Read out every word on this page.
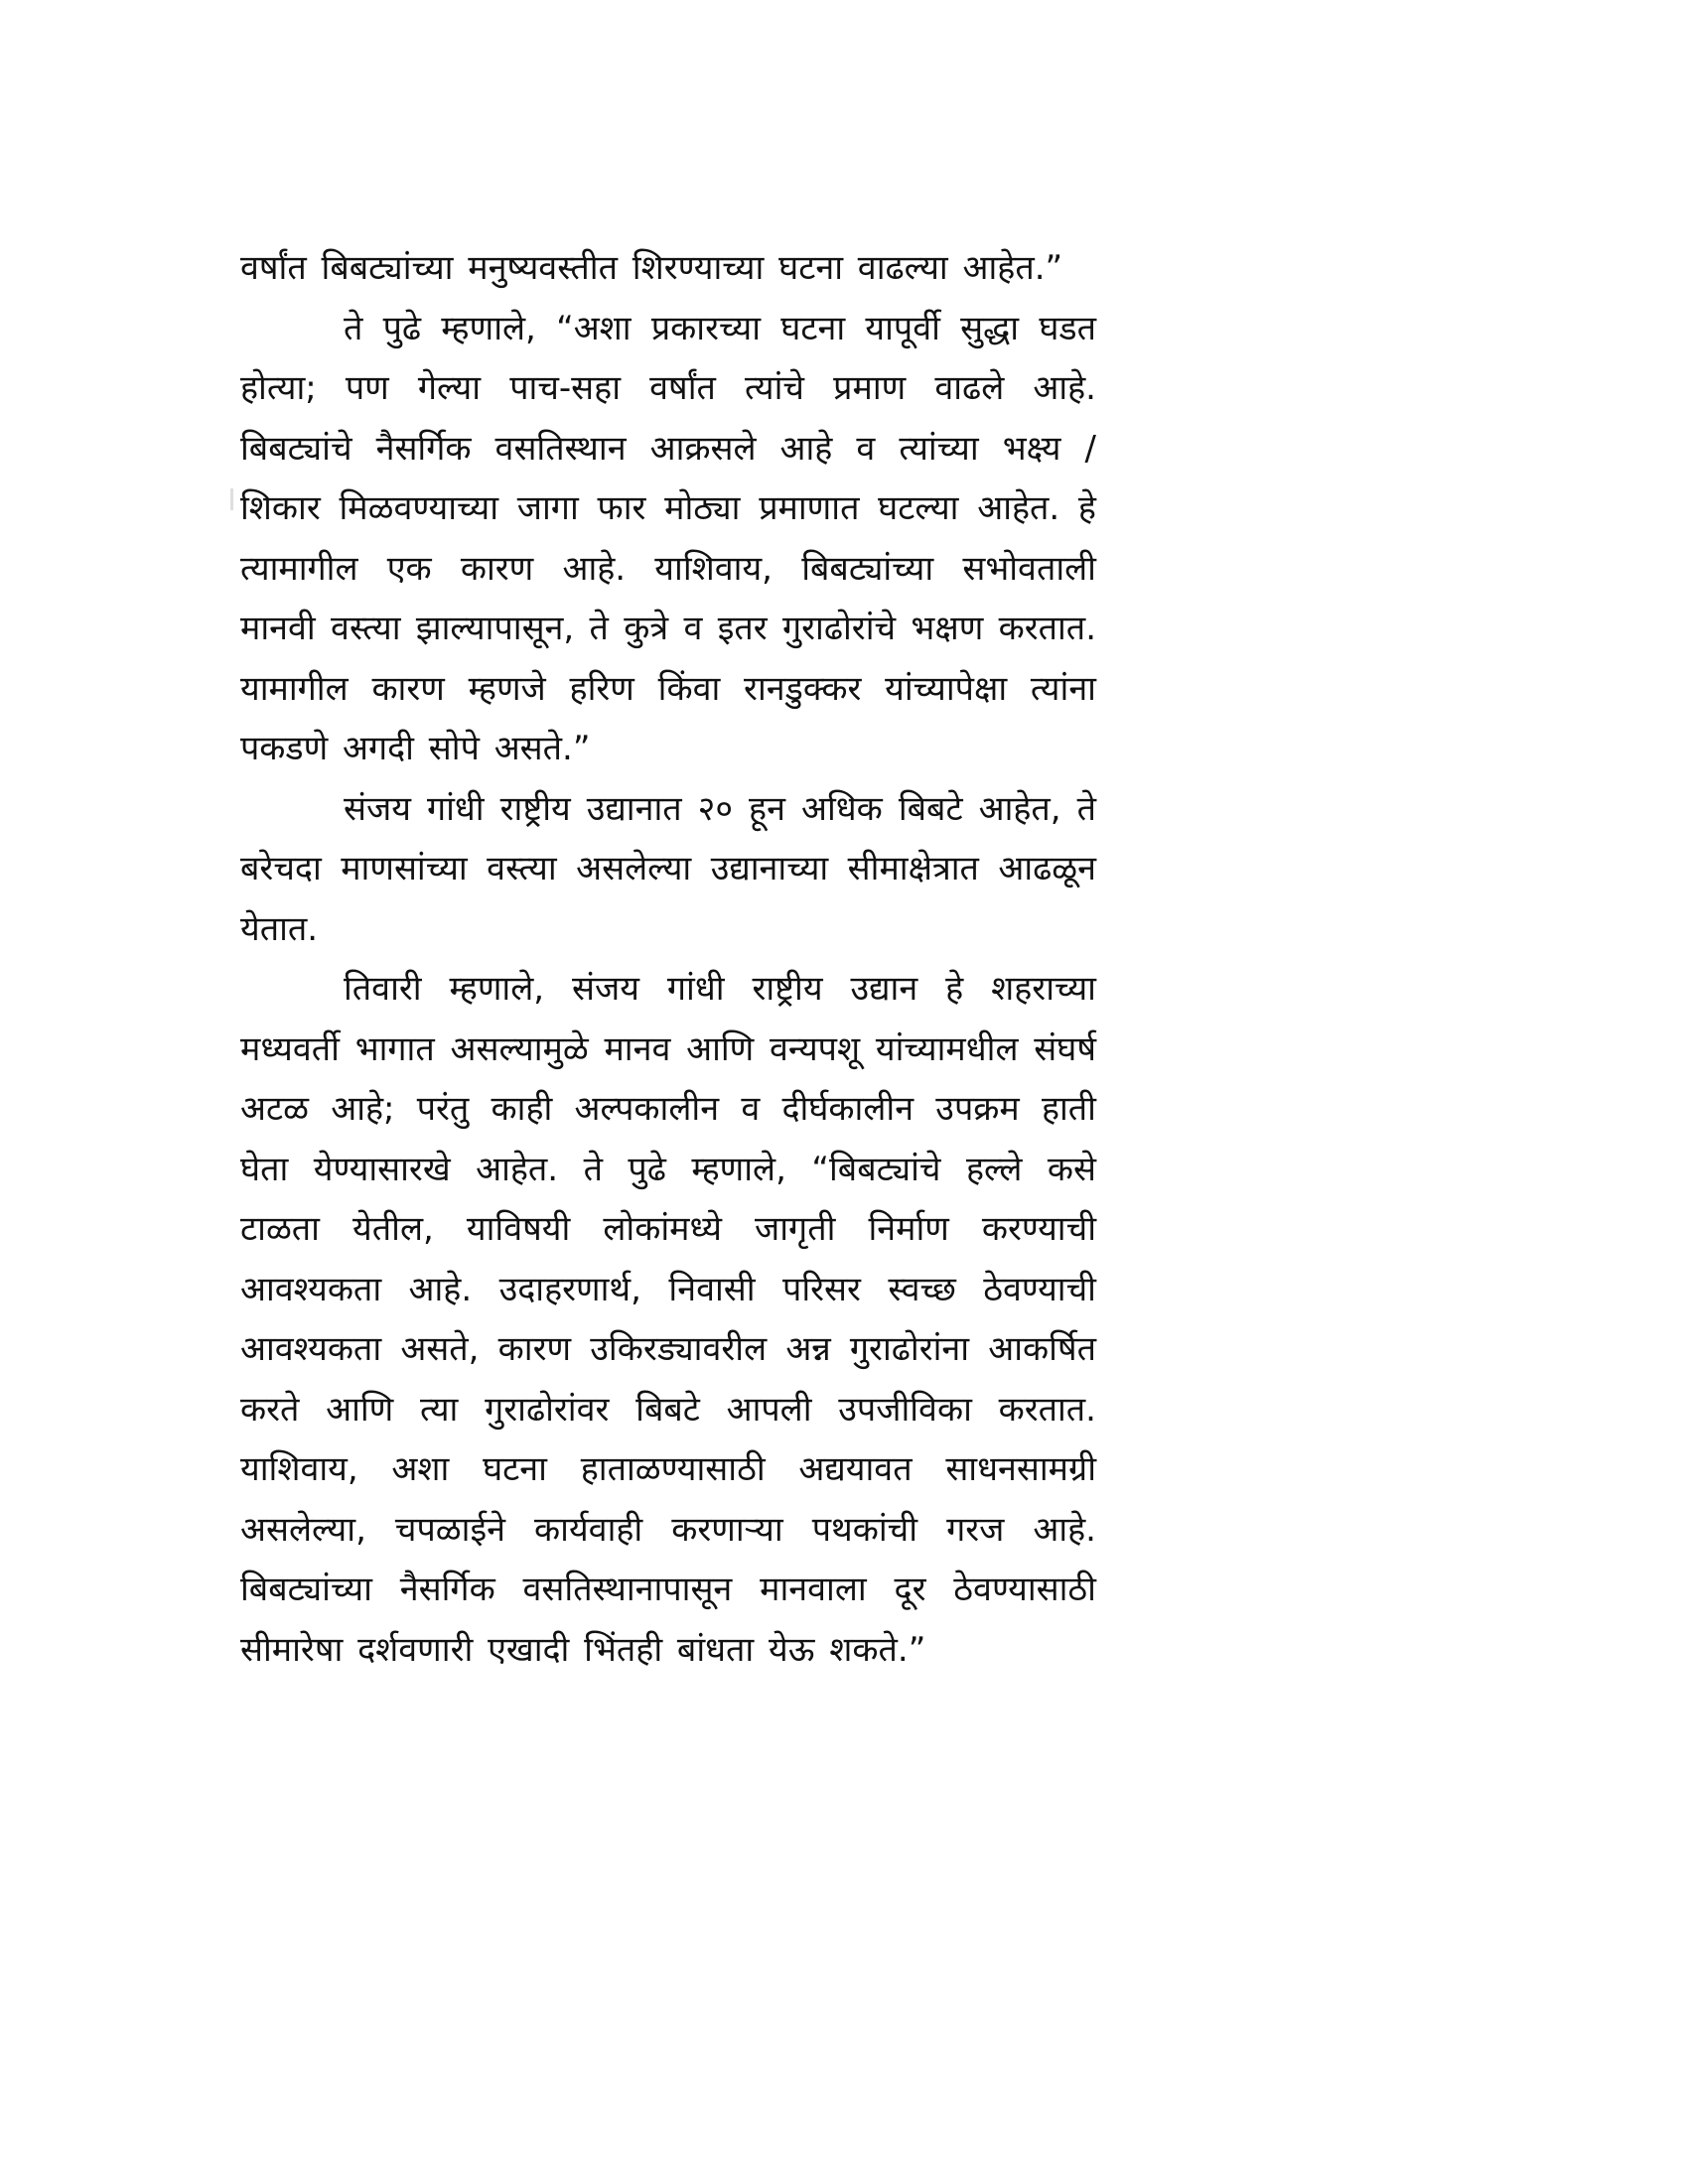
वर्षांत बिबट्यांच्या मनुष्यवस्तीत शिरण्याच्या घटना वाढल्या आहेत.”

ते पुढे म्हणाले, “अशा प्रकारच्या घटना यापूर्वी सुद्धा घडत होत्या; पण गेल्या पाच-सहा वर्षांत त्यांचे प्रमाण वाढले आहे. बिबट्यांचे नैसर्गिक वसतिस्थान आक्रसले आहे व त्यांच्या भक्ष्य / शिकार मिळवण्याच्या जागा फार मोठ्या प्रमाणात घटल्या आहेत. हे त्यामागील एक कारण आहे. याशिवाय, बिबट्यांच्या सभोवताली मानवी वस्त्या झाल्यापासून, ते कुत्रे व इतर गुराढोरांचे भक्षण करतात. यामागील कारण म्हणजे हरिण किंवा रानडुक्कर यांच्यापेक्षा त्यांना पकडणे अगदी सोपे असते.”

संजय गांधी राष्ट्रीय उद्यानात २० हून अधिक बिबटे आहेत, ते बरेचदा माणसांच्या वस्त्या असलेल्या उद्यानाच्या सीमाक्षेत्रात आढळून येतात.

तिवारी म्हणाले, संजय गांधी राष्ट्रीय उद्यान हे शहराच्या मध्यवर्ती भागात असल्यामुळे मानव आणि वन्यपशू यांच्यामधील संघर्ष अटळ आहे; परंतु काही अल्पकालीन व दीर्घकालीन उपक्रम हाती घेता येण्यासारखे आहेत. ते पुढे म्हणाले, “बिबट्यांचे हल्ले कसे टाळता येतील, याविषयी लोकांमध्ये जागृती निर्माण करण्याची आवश्यकता आहे. उदाहरणार्थ, निवासी परिसर स्वच्छ ठेवण्याची आवश्यकता असते, कारण उकिरड्यावरील अन्न गुराढोरांना आकर्षित करते आणि त्या गुराढोरांवर बिबटे आपली उपजीविका करतात. याशिवाय, अशा घटना हाताळण्यासाठी अद्ययावत साधनसामग्री असलेल्या, चपळाईने कार्यवाही करणाऱ्या पथकांची गरज आहे. बिबट्यांच्या नैसर्गिक वसतिस्थानापासून मानवाला दूर ठेवण्यासाठी सीमारेषा दर्शवणारी एखादी भिंतही बांधता येऊ शकते.”
